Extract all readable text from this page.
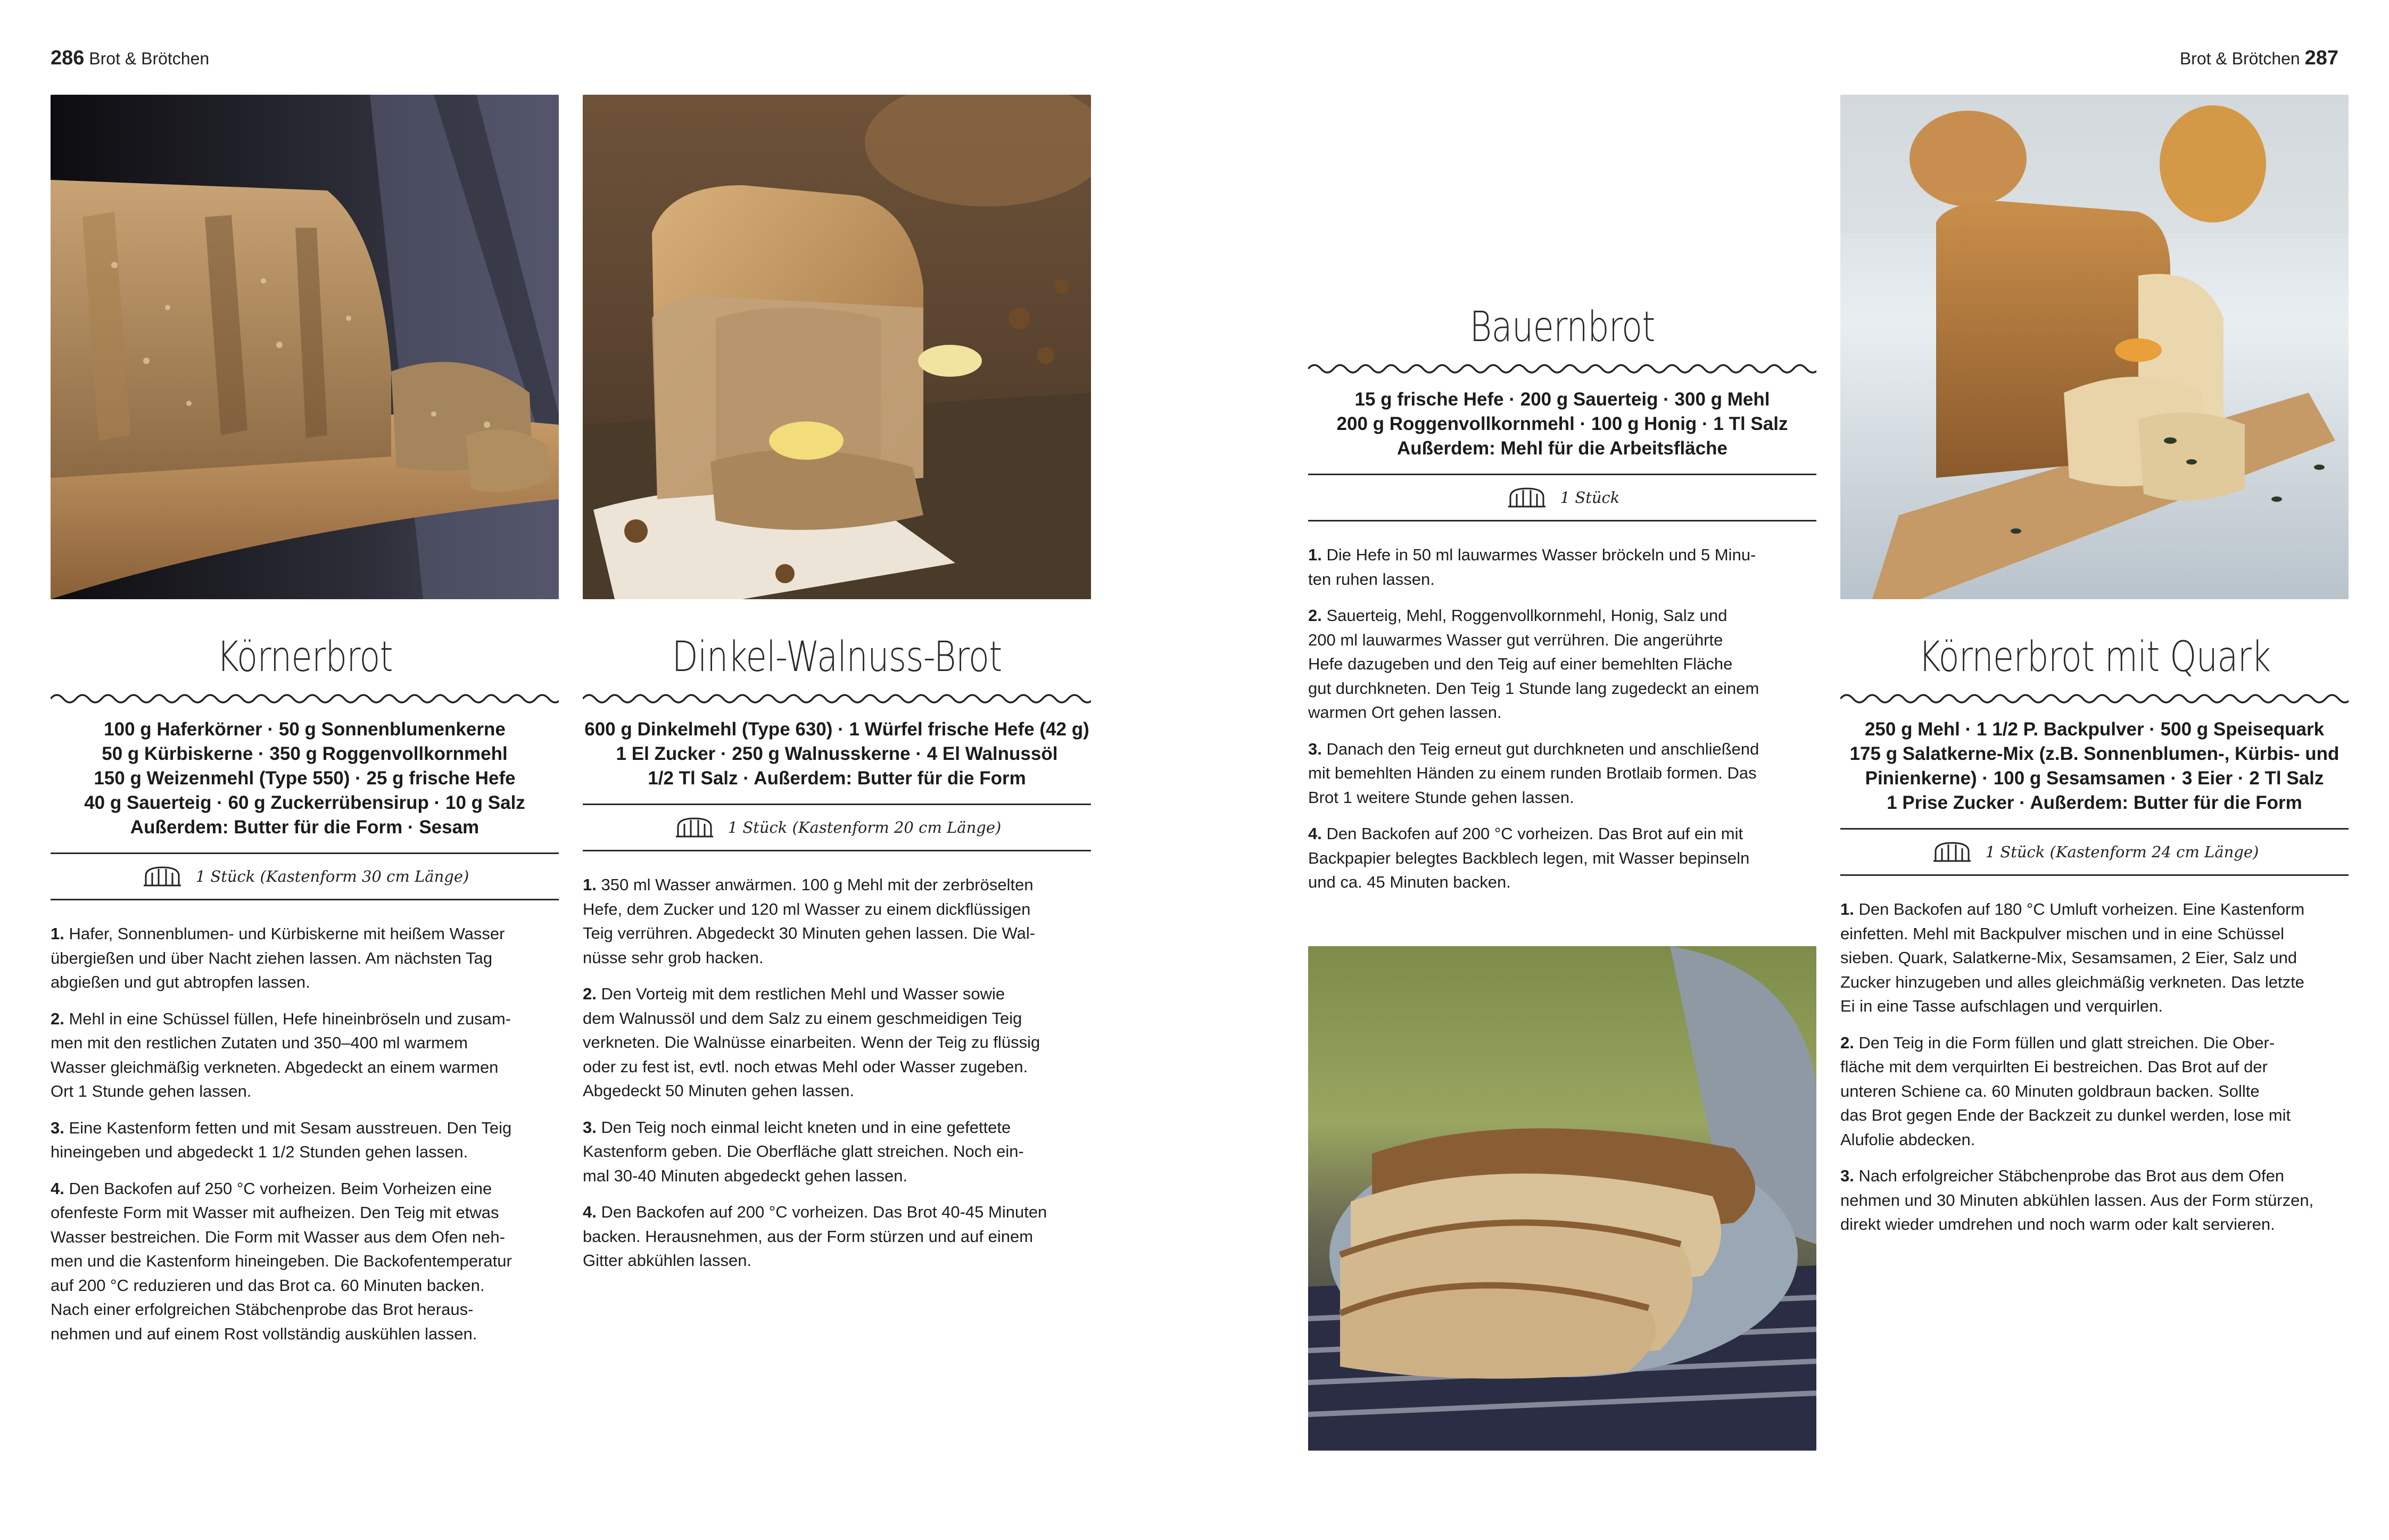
286 Brot & Brötchen	Brot & Brötchen 287
Körnerbrot
100 g Haferkörner · 50 g Sonnenblumenkerne
50 g Kürbiskerne · 350 g Roggenvollkornmehl
150 g Weizenmehl (Type 550) · 25 g frische Hefe
40 g Sauerteig · 60 g Zuckerrübensirup · 10 g Salz
Außerdem: Butter für die Form · Sesam
1 Stück (Kastenform 30 cm Länge)
1. Hafer, Sonnenblumen- und Kürbiskerne mit heißem Wasser
übergießen und über Nacht ziehen lassen. Am nächsten Tag
abgießen und gut abtropfen lassen.
2. Mehl in eine Schüssel füllen, Hefe hineinbröseln und zusam-
men mit den restlichen Zutaten und 350–400 ml warmem
Wasser gleichmäßig verkneten. Abgedeckt an einem warmen
Ort 1 Stunde gehen lassen.
3. Eine Kastenform fetten und mit Sesam ausstreuen. Den Teig
hineingeben und abgedeckt 1 1/2 Stunden gehen lassen.
4. Den Backofen auf 250 °C vorheizen. Beim Vorheizen eine
ofenfeste Form mit Wasser mit aufheizen. Den Teig mit etwas
Wasser bestreichen. Die Form mit Wasser aus dem Ofen neh-
men und die Kastenform hineingeben. Die Backofentemperatur
auf 200 °C reduzieren und das Brot ca. 60 Minuten backen.
Nach einer erfolgreichen Stäbchenprobe das Brot heraus-
nehmen und auf einem Rost vollständig auskühlen lassen.
Dinkel-Walnuss-Brot
600 g Dinkelmehl (Type 630) · 1 Würfel frische Hefe (42 g)
1 El Zucker · 250 g Walnusskerne · 4 El Walnussöl
1/2 Tl Salz · Außerdem: Butter für die Form
1 Stück (Kastenform 20 cm Länge)
1. 350 ml Wasser anwärmen. 100 g Mehl mit der zerbröselten
Hefe, dem Zucker und 120 ml Wasser zu einem dickflüssigen
Teig verrühren. Abgedeckt 30 Minuten gehen lassen. Die Wal-
nüsse sehr grob hacken.
2. Den Vorteig mit dem restlichen Mehl und Wasser sowie
dem Walnussöl und dem Salz zu einem geschmeidigen Teig
verkneten. Die Walnüsse einarbeiten. Wenn der Teig zu flüssig
oder zu fest ist, evtl. noch etwas Mehl oder Wasser zugeben.
Abgedeckt 50 Minuten gehen lassen.
3. Den Teig noch einmal leicht kneten und in eine gefettete
Kastenform geben. Die Oberfläche glatt streichen. Noch ein-
mal 30-40 Minuten abgedeckt gehen lassen.
4. Den Backofen auf 200 °C vorheizen. Das Brot 40-45 Minuten
backen. Herausnehmen, aus der Form stürzen und auf einem
Gitter abkühlen lassen.
Bauernbrot
15 g frische Hefe · 200 g Sauerteig · 300 g Mehl
200 g Roggenvollkornmehl · 100 g Honig · 1 Tl Salz
Außerdem: Mehl für die Arbeitsfläche
1 Stück
1. Die Hefe in 50 ml lauwarmes Wasser bröckeln und 5 Minu-
ten ruhen lassen.
2. Sauerteig, Mehl, Roggenvollkornmehl, Honig, Salz und
200 ml lauwarmes Wasser gut verrühren. Die angerührte
Hefe dazugeben und den Teig auf einer bemehlten Fläche
gut durchkneten. Den Teig 1 Stunde lang zugedeckt an einem
warmen Ort gehen lassen.
3. Danach den Teig erneut gut durchkneten und anschließend
mit bemehlten Händen zu einem runden Brotlaib formen. Das
Brot 1 weitere Stunde gehen lassen.
4. Den Backofen auf 200 °C vorheizen. Das Brot auf ein mit
Backpapier belegtes Backblech legen, mit Wasser bepinseln
und ca. 45 Minuten backen.
Körnerbrot mit Quark
250 g Mehl · 1 1/2 P. Backpulver · 500 g Speisequark
175 g Salatkerne-Mix (z.B. Sonnenblumen-, Kürbis- und
Pinienkerne) · 100 g Sesamsamen · 3 Eier · 2 Tl Salz
1 Prise Zucker · Außerdem: Butter für die Form
1 Stück (Kastenform 24 cm Länge)
1. Den Backofen auf 180 °C Umluft vorheizen. Eine Kastenform
einfetten. Mehl mit Backpulver mischen und in eine Schüssel
sieben. Quark, Salatkerne-Mix, Sesamsamen, 2 Eier, Salz und
Zucker hinzugeben und alles gleichmäßig verkneten. Das letzte
Ei in eine Tasse aufschlagen und verquirlen.
2. Den Teig in die Form füllen und glatt streichen. Die Ober-
fläche mit dem verquirlten Ei bestreichen. Das Brot auf der
unteren Schiene ca. 60 Minuten goldbraun backen. Sollte
das Brot gegen Ende der Backzeit zu dunkel werden, lose mit
Alufolie abdecken.
3. Nach erfolgreicher Stäbchenprobe das Brot aus dem Ofen
nehmen und 30 Minuten abkühlen lassen. Aus der Form stürzen,
direkt wieder umdrehen und noch warm oder kalt servieren.
